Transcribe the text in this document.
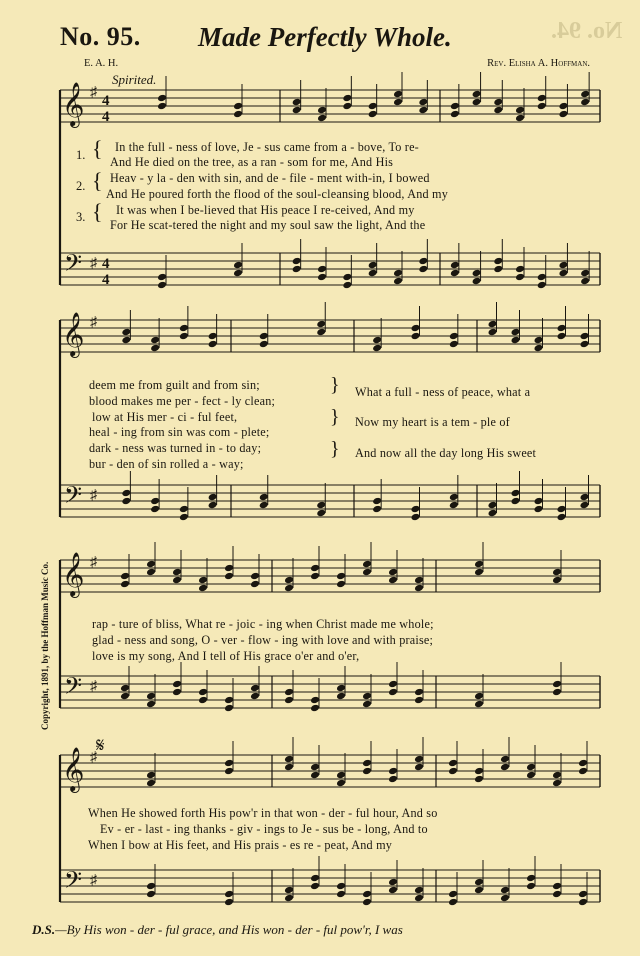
No. 94.
No. 95. Made Perfectly Whole.
E. A. H.	Rev. Elisha A. Hoffman.
Spirited.
Copyright, 1891, by the Hoffman Music Co.
𝄞
𝄢
♯
♯
4
4
4
4
𝄞
𝄢
♯
♯
𝄞
𝄢
♯
♯
𝄞
𝄢
♯
♯
𝄋
1.
2.
3.
{
{
{
In the full - ness of love, Je - sus came from a - bove, To re-
And He died on the tree, as a ran - som for me, And His
Heav - y la - den with sin, and de - file - ment with-in, I bowed
And He poured forth the flood of the soul-cleansing blood, And my
It was when I be-lieved that His peace I re-ceived, And my
For He scat-tered the night and my soul saw the light, And the
deem me from guilt and from sin;
blood makes me per - fect - ly clean;
low at His mer - ci - ful feet,
heal - ing from sin was com - plete;
dark - ness was turned in - to day;
bur - den of sin rolled a - way;
}
}
}
What a full - ness of peace, what a
Now my heart is a tem - ple of
And now all the day long His sweet
rap - ture of bliss, What re - joic - ing when Christ made me whole;
glad - ness and song, O - ver - flow - ing with love and with praise;
love is my song, And I tell of His grace o'er and o'er,
When He showed forth His pow'r in that won - der - ful hour, And so
Ev - er - last - ing thanks - giv - ings to Je - sus be - long, And to
When I bow at His feet, and His prais - es re - peat, And my
D.S.—By His won - der - ful grace, and His won - der - ful pow'r, I was
